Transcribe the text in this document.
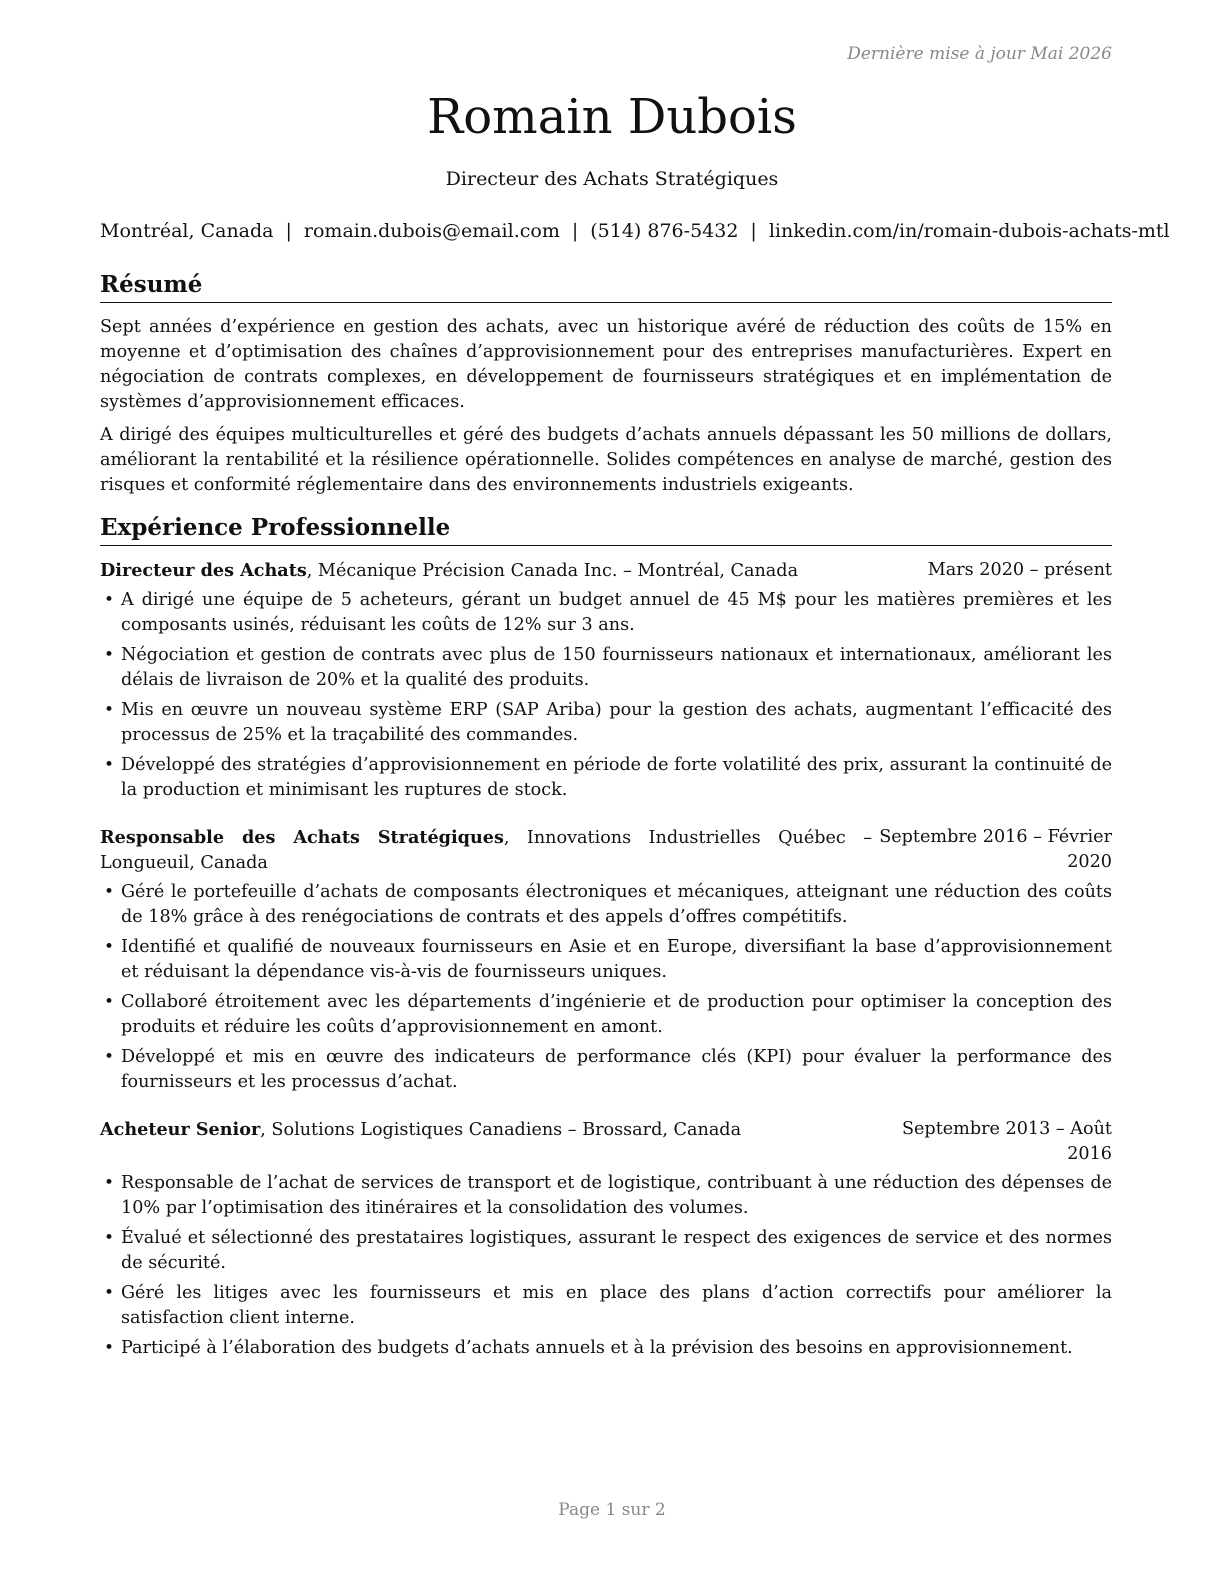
Dernière mise à jour Mai 2026
Romain Dubois
Directeur des Achats Stratégiques
Montréal, Canada | romain.dubois@email.com | (514) 876-5432 | linkedin.com/in/romain-dubois-achats-mtl
Résumé

Sept années d’expérience en gestion des achats, avec un historique avéré de réduction des coûts de 15% en moyenne et d’optimisation des chaînes d’approvisionnement pour des entreprises manufacturières. Expert en négociation de contrats complexes, en développement de fournisseurs stratégiques et en implémentation de systèmes d’approvisionnement efficaces.

A dirigé des équipes multiculturelles et géré des budgets d’achats annuels dépassant les 50 millions de dollars, améliorant la rentabilité et la résilience opérationnelle. Solides compétences en analyse de marché, gestion des risques et conformité réglementaire dans des environnements industriels exigeants.

Expérience Professionnelle
Directeur des Achats, Mécanique Précision Canada Inc. – Montréal, Canada	Mars 2020 – présent
• A dirigé une équipe de 5 acheteurs, gérant un budget annuel de 45 M$ pour les matières premières et les composants usinés, réduisant les coûts de 12% sur 3 ans.
• Négociation et gestion de contrats avec plus de 150 fournisseurs nationaux et internationaux, améliorant les délais de livraison de 20% et la qualité des produits.
• Mis en œuvre un nouveau système ERP (SAP Ariba) pour la gestion des achats, augmentant l’efficacité des processus de 25% et la traçabilité des commandes.
• Développé des stratégies d’approvisionnement en période de forte volatilité des prix, assurant la continuité de la production et minimisant les ruptures de stock.
Responsable des Achats Stratégiques, Innovations Industrielles Québec – Longueuil, Canada
Septembre 2016 – Février 2020
• Géré le portefeuille d’achats de composants électroniques et mécaniques, atteignant une réduction des coûts de 18% grâce à des renégociations de contrats et des appels d’offres compétitifs.
• Identifié et qualifié de nouveaux fournisseurs en Asie et en Europe, diversifiant la base d’approvisionnement et réduisant la dépendance vis-à-vis de fournisseurs uniques.
• Collaboré étroitement avec les départements d’ingénierie et de production pour optimiser la conception des produits et réduire les coûts d’approvisionnement en amont.
• Développé et mis en œuvre des indicateurs de performance clés (KPI) pour évaluer la performance des fournisseurs et les processus d’achat.
Acheteur Senior, Solutions Logistiques Canadiens – Brossard, Canada	Septembre 2013 – Août 2016
• Responsable de l’achat de services de transport et de logistique, contribuant à une réduction des dépenses de 10% par l’optimisation des itinéraires et la consolidation des volumes.
• Évalué et sélectionné des prestataires logistiques, assurant le respect des exigences de service et des normes de sécurité.
• Géré les litiges avec les fournisseurs et mis en place des plans d’action correctifs pour améliorer la satisfaction client interne.
• Participé à l’élaboration des budgets d’achats annuels et à la prévision des besoins en approvisionnement.
Page 1 sur 2
